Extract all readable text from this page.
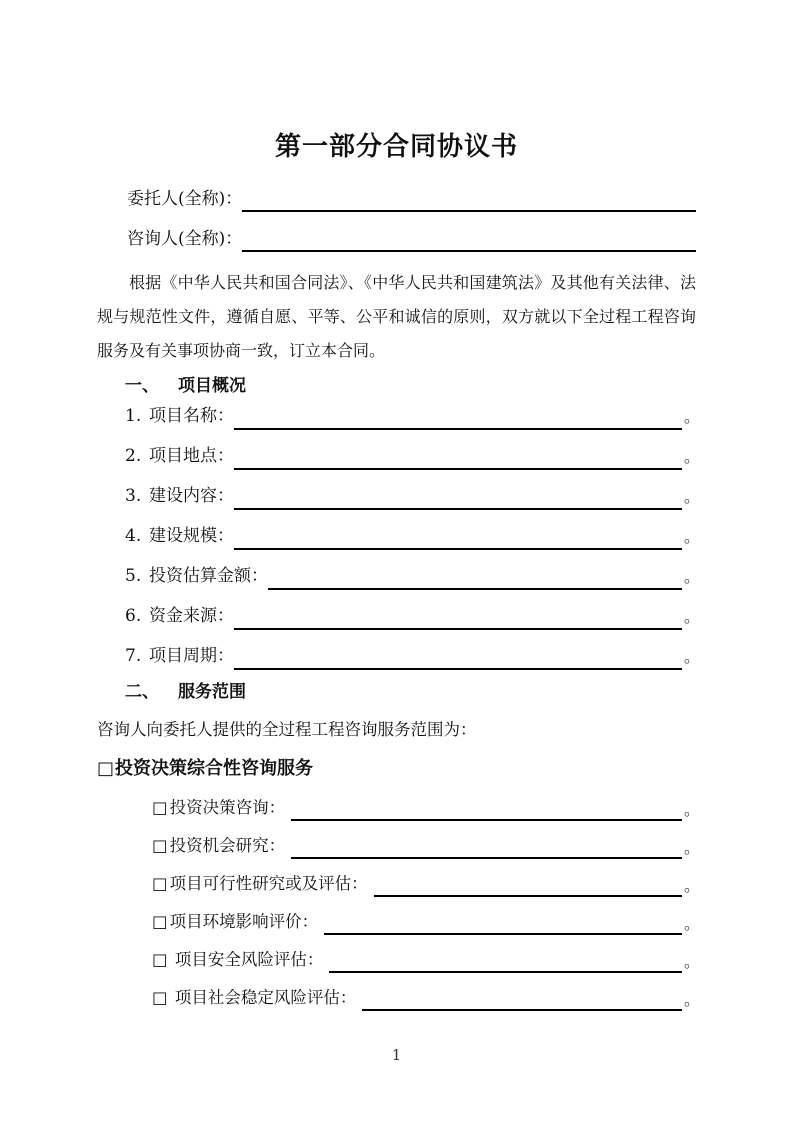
第一部分合同协议书
委托人(全称)：
咨询人(全称)：
根据《中华人民共和国合同法》、《中华人民共和国建筑法》及其他有关法律、法规与规范性文件，遵循自愿、平等、公平和诚信的原则，双方就以下全过程工程咨询服务及有关事项协商一致，订立本合同。
一、 项目概况
1. 项目名称：	。
2. 项目地点：	。
3. 建设内容：	。
4. 建设规模：	。
5. 投资估算金额：	。
6. 资金来源：	。
7. 项目周期：	。
二、 服务范围
咨询人向委托人提供的全过程工程咨询服务范围为：
□投资决策综合性咨询服务
□ 投资决策咨询：	。
□ 投资机会研究：	。
□ 项目可行性研究或及评估：	。
□ 项目环境影响评价：	。
□ 项目安全风险评估：	。
□ 项目社会稳定风险评估：	。
1
